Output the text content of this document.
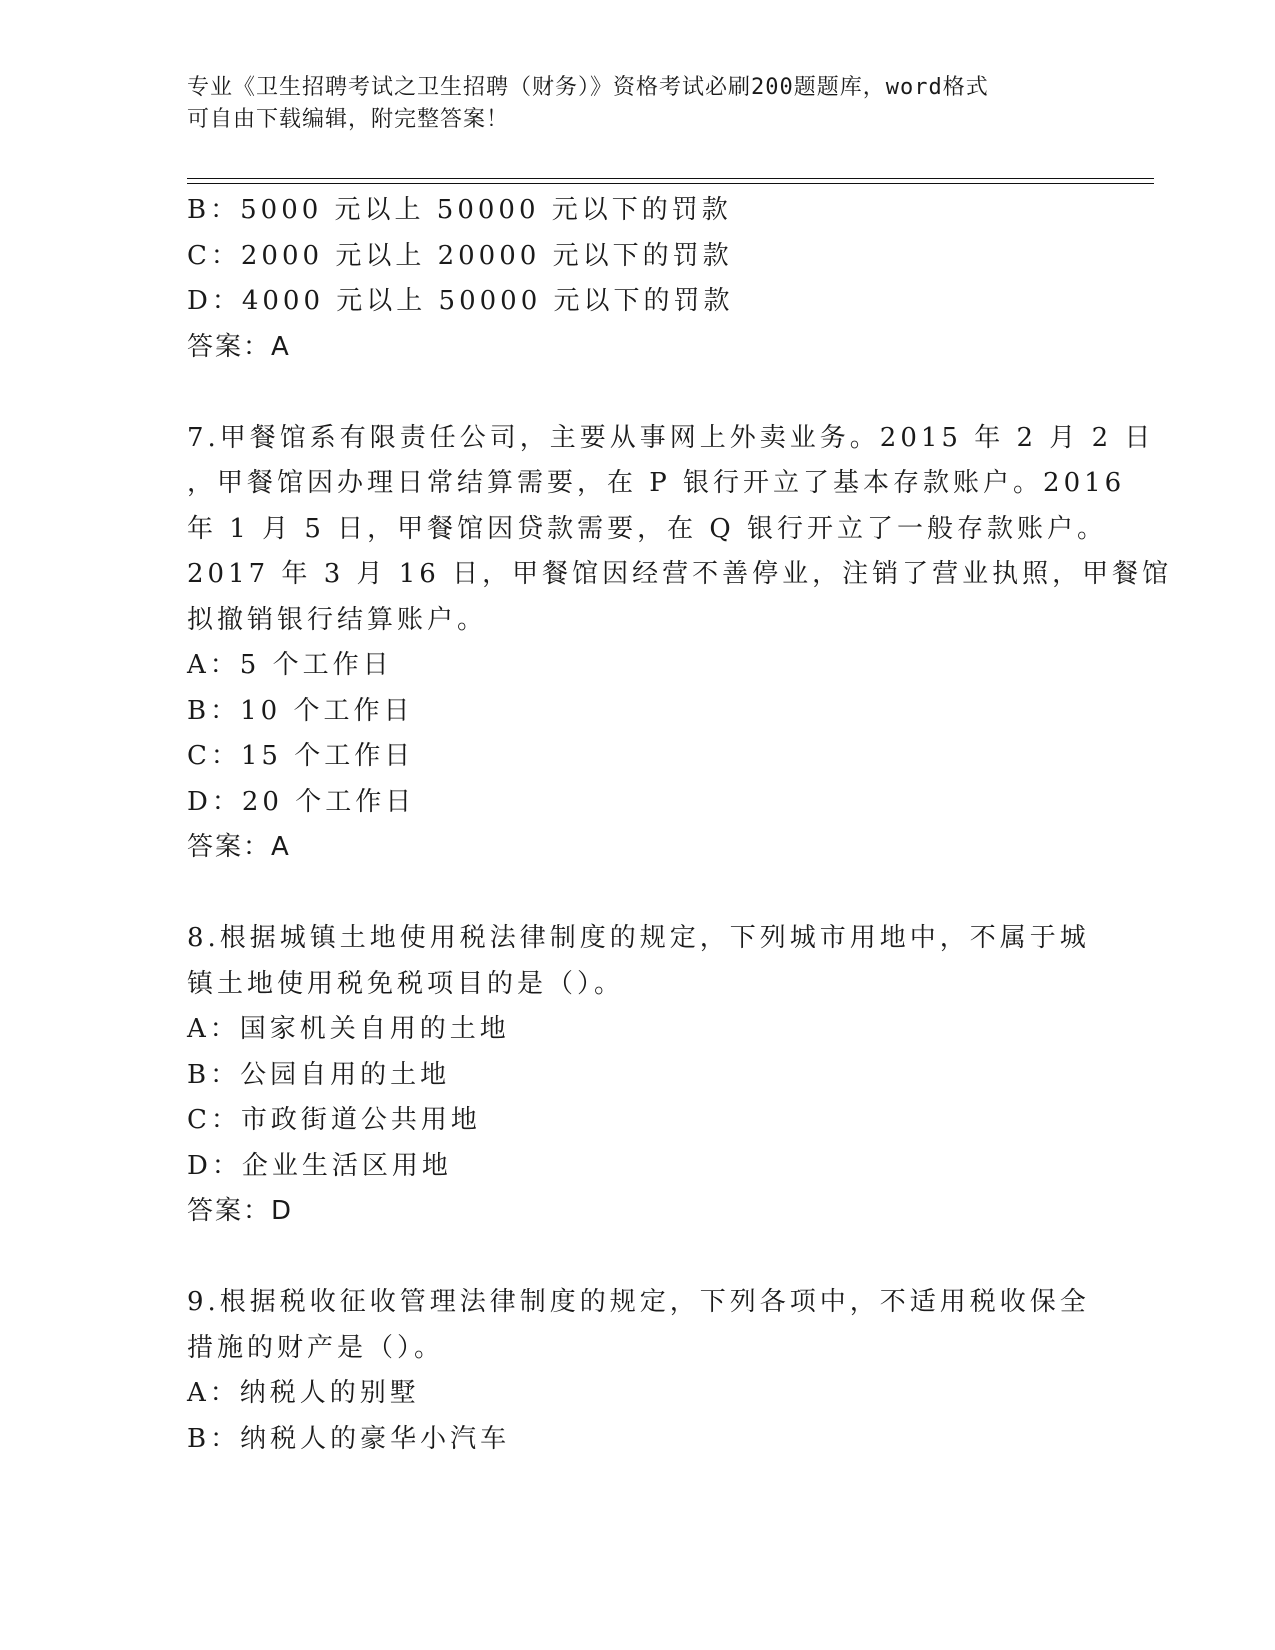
专业《卫生招聘考试之卫生招聘（财务）》资格考试必刷200题题库，word格式
可自由下载编辑，附完整答案！
B：5000 元以上 50000 元以下的罚款
C：2000 元以上 20000 元以下的罚款
D：4000 元以上 50000 元以下的罚款
答案：A
7.甲餐馆系有限责任公司，主要从事网上外卖业务。2015 年 2 月 2 日
，甲餐馆因办理日常结算需要，在 P 银行开立了基本存款账户。2016
年 1 月 5 日，甲餐馆因贷款需要，在 Q 银行开立了一般存款账户。
2017 年 3 月 16 日，甲餐馆因经营不善停业，注销了营业执照，甲餐馆
拟撤销银行结算账户。
A：5 个工作日
B：10 个工作日
C：15 个工作日
D：20 个工作日
答案：A
8.根据城镇土地使用税法律制度的规定，下列城市用地中，不属于城
镇土地使用税免税项目的是（）。
A：国家机关自用的土地
B：公园自用的土地
C：市政街道公共用地
D：企业生活区用地
答案：D
9.根据税收征收管理法律制度的规定，下列各项中，不适用税收保全
措施的财产是（）。
A：纳税人的别墅
B：纳税人的豪华小汽车
